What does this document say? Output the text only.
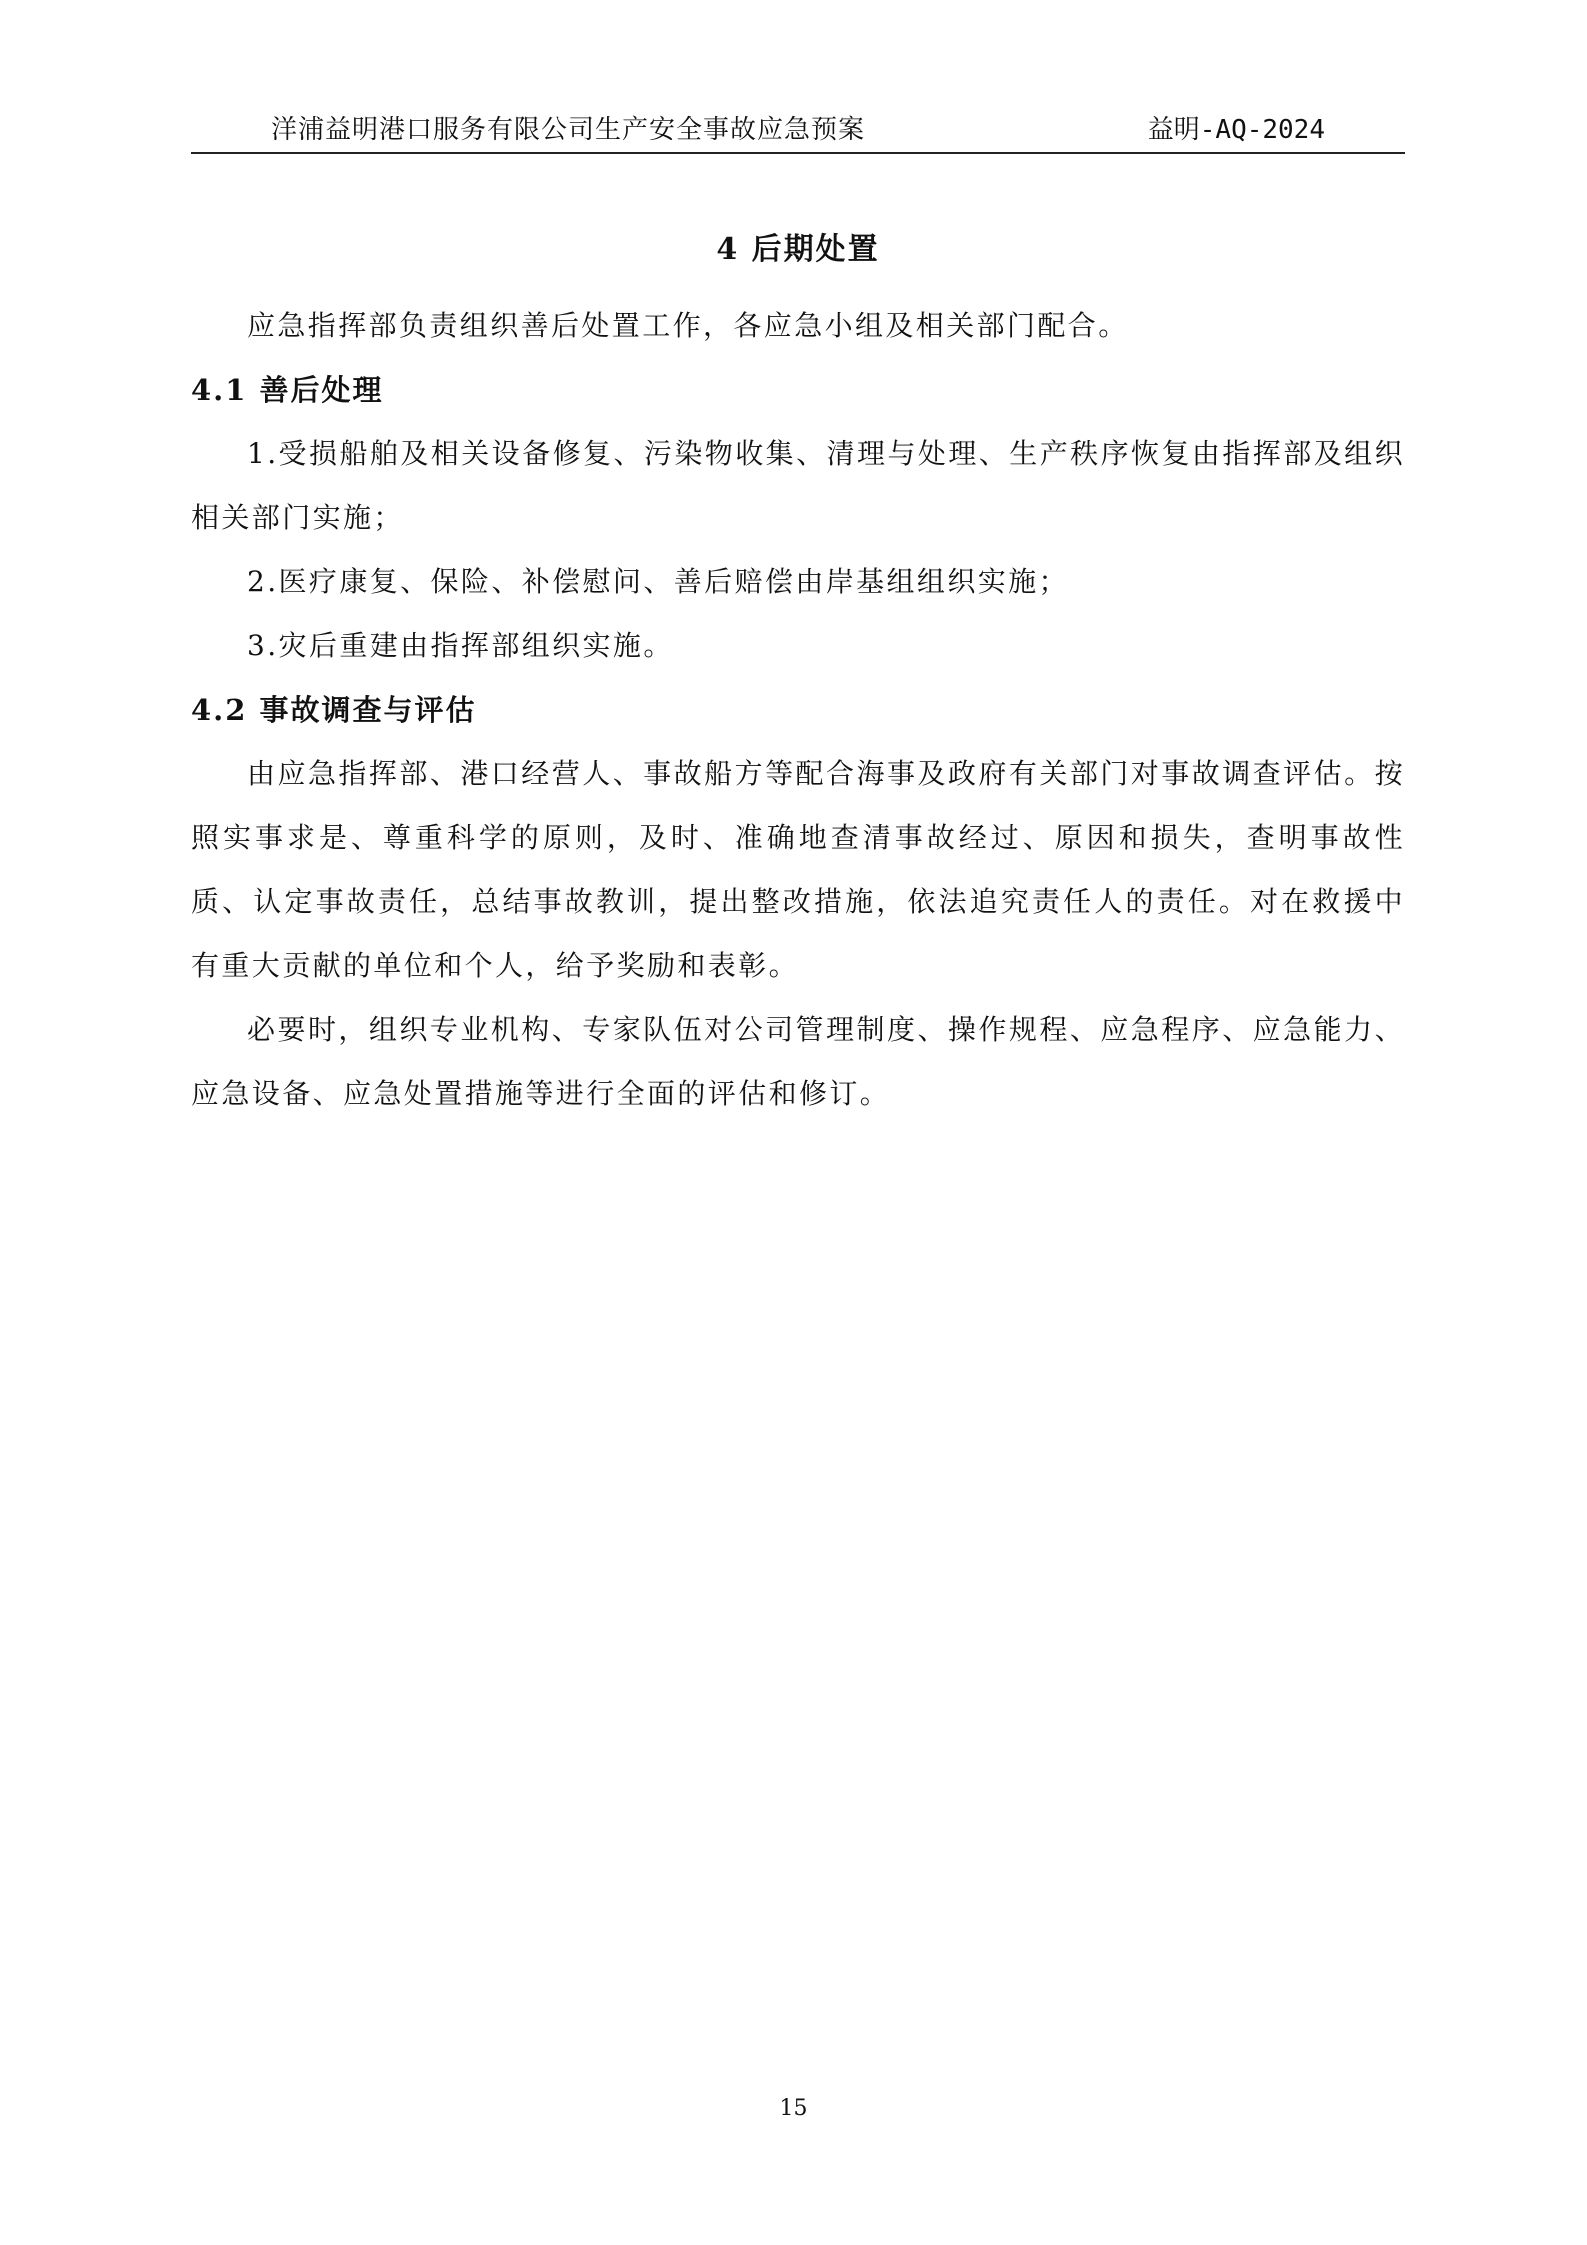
洋浦益明港口服务有限公司生产安全事故应急预案	益明-AQ-2024
4 后期处置

应急指挥部负责组织善后处置工作，各应急小组及相关部门配合。

4.1 善后处理

1.受损船舶及相关设备修复、污染物收集、清理与处理、生产秩序恢复由指挥部及组织相关部门实施；

2.医疗康复、保险、补偿慰问、善后赔偿由岸基组组织实施；

3.灾后重建由指挥部组织实施。

4.2 事故调查与评估

由应急指挥部、港口经营人、事故船方等配合海事及政府有关部门对事故调查评估。按照实事求是、尊重科学的原则，及时、准确地查清事故经过、原因和损失，查明事故性质、认定事故责任，总结事故教训，提出整改措施，依法追究责任人的责任。对在救援中有重大贡献的单位和个人，给予奖励和表彰。

必要时，组织专业机构、专家队伍对公司管理制度、操作规程、应急程序、应急能力、应急设备、应急处置措施等进行全面的评估和修订。

15
